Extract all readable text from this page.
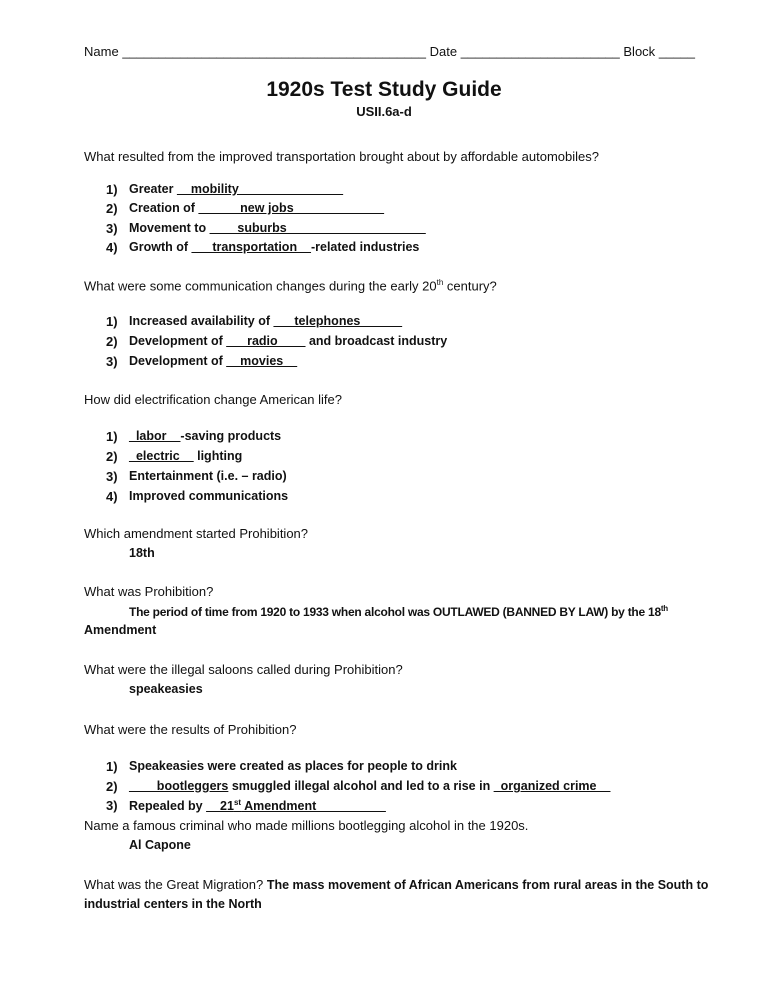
Name __________________________________________ Date ______________________ Block _____
1920s Test Study Guide
USII.6a-d
What resulted from the improved transportation brought about by affordable automobiles?
1) Greater __mobility_______________
2) Creation of ______new jobs_____________
3) Movement to ____suburbs____________________
4) Growth of ___transportation__-related industries
What were some communication changes during the early 20th century?
1) Increased availability of ___telephones______
2) Development of ___radio____ and broadcast industry
3) Development of __movies__
How did electrification change American life?
1) _labor__-saving products
2) _electric__ lighting
3) Entertainment (i.e. – radio)
4) Improved communications
Which amendment started Prohibition?
18th
What was Prohibition?
The period of time from 1920 to 1933 when alcohol was OUTLAWED (BANNED BY LAW) by the 18th
Amendment
What were the illegal saloons called during Prohibition?
speakeasies
What were the results of Prohibition?
1) Speakeasies were created as places for people to drink
2) ____bootleggers smuggled illegal alcohol and led to a rise in _organized crime__
3) Repealed by __21st Amendment__________
Name a famous criminal who made millions bootlegging alcohol in the 1920s.
Al Capone
What was the Great Migration? The mass movement of African Americans from rural areas in the South to
industrial centers in the North
